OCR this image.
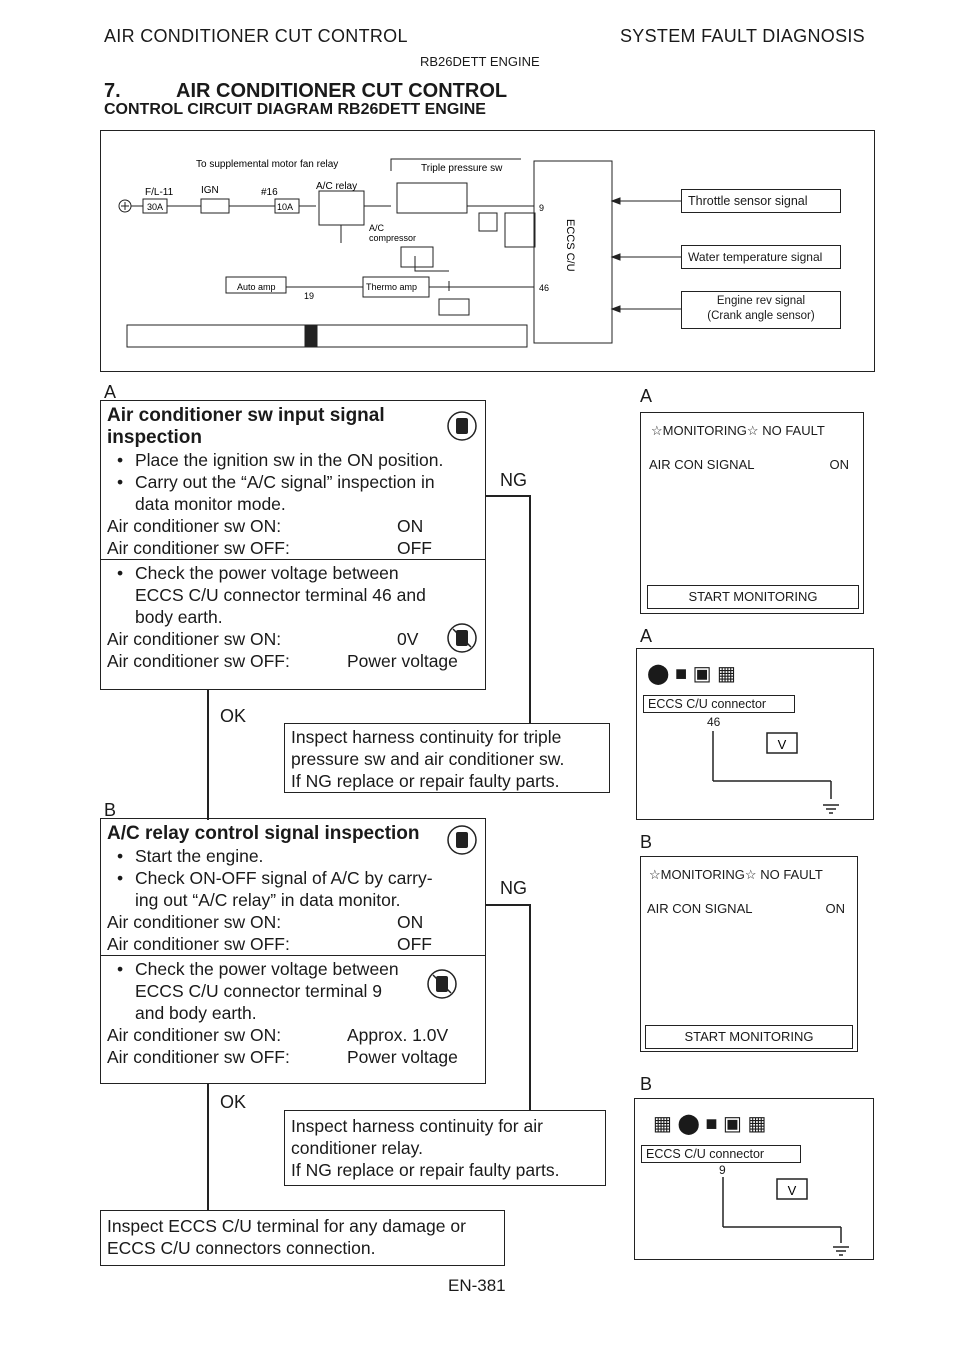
AIR CONDITIONER CUT CONTROL	SYSTEM FAULT DIAGNOSIS
RB26DETT ENGINE
7.	AIR CONDITIONER CUT CONTROL
CONTROL CIRCUIT DIAGRAM RB26DETT ENGINE
To supplemental motor fan relay	Triple pressure sw
F/L-11	IGN	#16
A/C relay
30A	10A
A/C
compressor
Auto amp	Thermo amp
19
9
46
ECCS C/U
Throttle sensor signal
Water temperature signal
Engine rev signal
(Crank angle sensor)
A
Air conditioner sw input signal
inspection
• Place the ignition sw in the ON position.
• Carry out the “A/C signal” inspection in
data monitor mode.
Air conditioner sw ON:	ON
Air conditioner sw OFF:	OFF
• Check the power voltage between
ECCS C/U connector terminal 46 and
body earth.
Air conditioner sw ON:	0V
Air conditioner sw OFF:	Power voltage
NG
OK
Inspect harness continuity for triple
pressure sw and air conditioner sw.
If NG replace or repair faulty parts.
B
A/C relay control signal inspection
• Start the engine.
• Check ON-OFF signal of A/C by carry-
ing out “A/C relay” in data monitor.
Air conditioner sw ON:	ON
Air conditioner sw OFF:	OFF
• Check the power voltage between
ECCS C/U connector terminal 9
and body earth.
Air conditioner sw ON:	Approx. 1.0V
Air conditioner sw OFF:	Power voltage
NG
OK
Inspect harness continuity for air
conditioner relay.
If NG replace or repair faulty parts.
Inspect ECCS C/U terminal for any damage or
ECCS C/U connectors connection.
A
☆MONITORING☆ NO FAULT
AIR CON SIGNAL	ON
START MONITORING
A
⬤ ■ ▣ ▦
ECCS C/U connector
46
V
B
☆MONITORING☆ NO FAULT
AIR CON SIGNAL	ON
START MONITORING
B
▦ ⬤ ■ ▣ ▦
ECCS C/U connector
9
V
EN-381
